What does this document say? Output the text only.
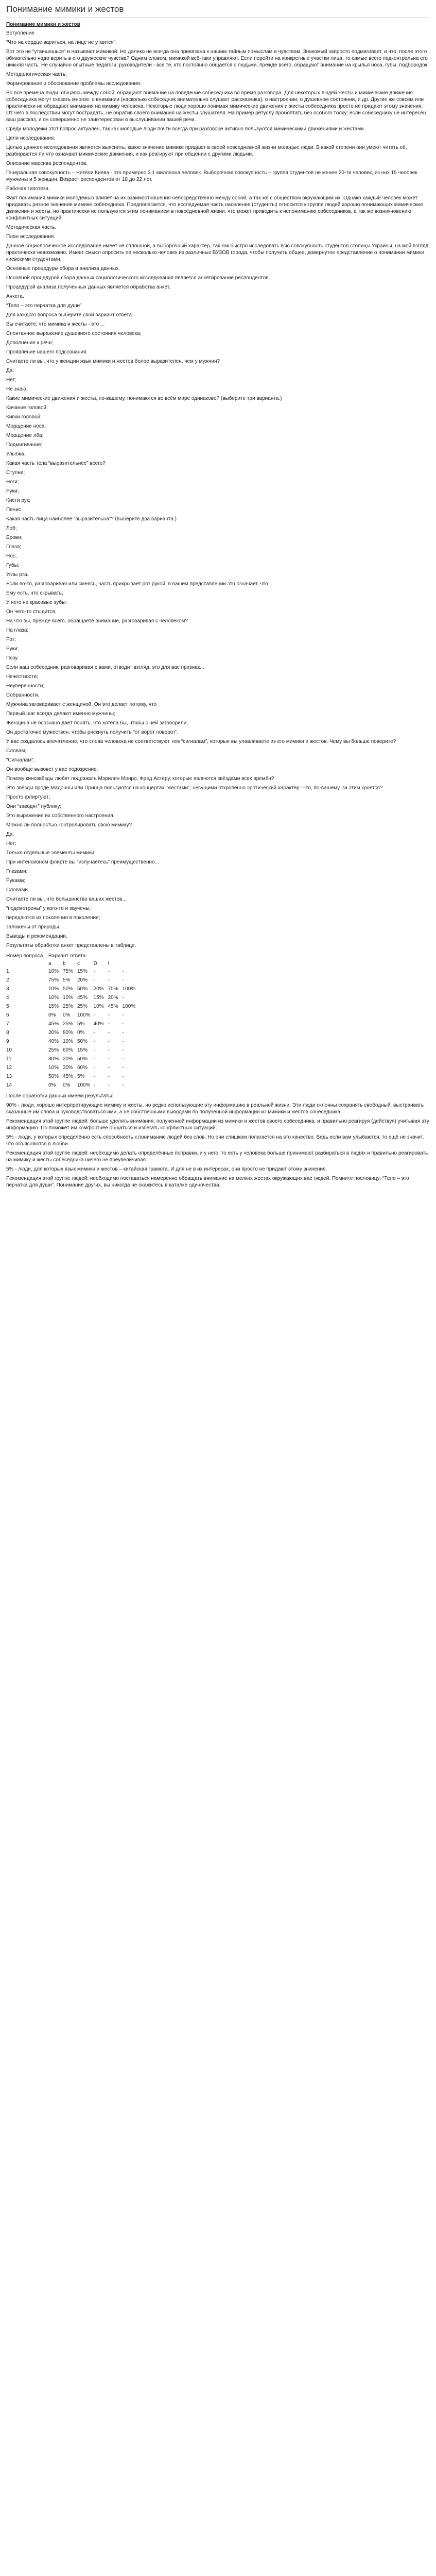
Понимание мимики и жестов
Понимание мимики и жестов
Вступление
“Что на сердце вариться, на лице не утаится”.
Вот это не “утаишешься” и называют мимикой. Но далеко не всегда она привязана к нашим тайным помыслам и чувствам. Знакомый запросто подмигивает, и что, после этого обязательно надо верить в его дружеские чувства? Одним словом, мимикой всё-таки управляют. Если перейти на конкретные участки лица, то самые всего подконтрольна его нижняя часть. Не случайно опытные педагоги, руководители - все те, кто постоянно общается с людьми, прежде всего, обращают внимание на крылья носа, губы, подбородок.
Методологическая часть.
Формирование и обоснование проблемы исследования.
Во все времена люди, общаясь между собой, обращают внимание на поведение собеседника во время разговора. Для некоторых людей жесты и мимические движения собеседника могут сказать многое: о внимании (насколько собеседник внимательно слушает рассказчика), о настроении, о душевном состоянии, и др. Другие же совсем или практически не обращают внимания на мимику человека. Некоторые люди хорошо понимая мимические движения и жесты собеседника просто не придают этому значения. От чего в последствии могут пострадать, не обратив своего внимания на жесты слушателя. На пример ретуслу пробоптать без особого толку; если собеседнику не интересен ваш рассказ, и он совершенно не заинтересован в выслушивании вашей речи.
Среди молодёжи этот вопрос актуален, так как молодые люди почти всегда при разговоре активно пользуются мимическими движениями и жестами.
Цели исследования.
Целью данного исследования является выяснить, какое значение мимике придают в своей повседневной жизни молодые люди. В какой степени они умеют читать её, разбираются ли что означают мимические движения, и как реагируют при общении с другими людьми.
Описание массива респондентов.
Генеральная совокупность – жители Киева - это примерно 3.1 миллиона человек. Выборочная совокупность – группа студентов не менее 20-ти человек, из них 15 человек мужчины и 5 женщин. Возраст респондентов от 18 до 22 лет.
Рабочая гипотеза.
Факт понимания мимики молодёжью влияет на их взаимоотношения непосредственно между собой, а так же с обществом окружающим их. Однако каждый человек может придавать разное значение мимике собеседника. Предполагается, что исследуемая часть населения (студенты) относится к группе людей хорошо понимающих мимические движения и жесты, но практически не пользуются этим пониманием в повседневной жизни, что может приводить к непониманию собеседников, а так же возникновению конфликтных ситуаций.
Методическая часть.
План исследования.
Данное социологическое исследование имеет не сплошной, а выборочный характер, так как быстро исследовать всю совокупность студентов столицы Украины, на мой взгляд, практически невозможно. Имеет смысл опросить по несколько человек из различных ВУЗОВ города, чтобы получить общее, довернутое представление о понимании мимики киевскими студентами.
Основные процедуры сбора и анализа данных.
Основной процедурой сбора данных социологического исследования является анкетирование респондентов.
Процедурой анализа полученных данных является обработка анкет.
Анкета.
“Тело – это перчатка для души”
Для каждого вопроса выберите свой вариант ответа.
Вы считаете, что мимика и жесты - это ...
Спонтанное выражение душевного состояния человека;
Дополнение к речи;
Проявление нашего подсознания.
Считаете ли вы, что у женщин язык мимики и жестов более выразителен, чем у мужчин?
Да;
Нет;
Не знаю.
Какие мимические движения и жесты, по-вашему, понимаются во всём мире одинаково? (выберите три варианта.)
Качание головой;
Кивки головой;
Морщение носа;
Морщение лба;
Подмигивание;
Улыбка.
Какая часть тела “выразительнее” всего?
Ступни;
Ноги;
Руки;
Кисти рук;
Пенис.
Какая часть лица наиболее “выразительна”? (выберите два варианта.)
Лоб;
Брови;
Глаза;
Нос;
Губы;
Углы рта.
Если во-то, разговаривая или смеясь, часть прикрывает рот рукой, в вашем представлении это означает, что...
Ему есть, что скрывать;
У него не красивые зубы;
Он чего-то стыдится.
На что вы, прежде всего, обращаете внимание, разговаривая с человеком?
На глаза;
Рот;
Руки;
Позу.
Если ваш собеседник, разговаривая с вами, отводит взгляд, это для вас признак...
Нечестности;
Неуверенности;
Собранности.
Мужчина заговаривает с женщиной. Он это делает потому, что
Первый шаг всегда делают именно мужчины;
Женщина не осознано даёт понять, что хотела бы, чтобы с ней заговорили;
Он достаточно мужествен, чтобы рискнуть получить “от ворот поворот”.
У вас создалось впечатление, что слова человека не соответствуют тем “сигналам”, которые вы улавливаете из его мимики и жестов. Чему вы больше поверите?
Словам;
“Сигналам”;
Он вообще вызовет у вас подозрение.
Почему кинозвёзды любят подражать Мэрилин Монро, Фред Астеру, которые являются звёздами всех времён?
Это звёзды вроде Мадонны или Принца пользуются на концертах “жестами”, несущими откровенно эротический характер. Что, по-вашему, за этим кроется?
Просто флиртуют;
Они “заводят” публику;
Это выражение их собственного настроения.
Можно ли полностью контролировать свою мимику?
Да;
Нет;
Только отдельные элементы мимики.
При интенсивном флирте вы “излучаетесь” преимущественно...
Глазами;
Руками;
Словами.
Считаете ли вы, что большинство ваших жестов...
“подсмотрены” у кого-то и заучены;
передаются из поколения в поколение;
заложены от природы.
Выводы и рекомендации.
Результаты обработки анкет представлены в таблице.
Номер вопроса	Вариант ответа					
	a	b	c	D	f	
1	10%	75%	15%	-	-	-
2	75%	5%	20%	-	-	-
3	10%	50%	50%	20%	70%	100%
4	10%	10%	45%	15%	20%	-
5	15%	25%	25%	10%	45%	100%
6	0%	0%	100%	-	-	-
7	45%	25%	5%	40%	-	-
8	20%	80%	0%	-	-	-
9	40%	10%	50%	-	-	-
10	25%	60%	15%	-	-	-
11	30%	20%	50%	-	-	-
12	10%	30%	60%	-	-	-
13	50%	45%	5%	-	-	-
14	0%	0%	100%	-	-	-
После обработки данных имеем результаты:
90% - люди, хорошо интерпретирующие мимику и жесты, но редко использующие эту информацию в реальной жизни. Эти люди склонны сохранять свободный, выстраивать сказанные им слова и руководствоваться ими, а не собственными выводами по полученной информации из мимики и жестов собеседника.
Рекомендация этой группе людей: больше уделять внимания, полученной информации из мимики и жестов своего собеседника, и правильно реагируя (действуя) учитывая эту информацию. По поможет им комфортнее общаться и избегать конфликтных ситуаций.
5% - люди, у которых определённо есть способность к пониманию людей без слов. Но они слишком полагается на это качество. Ведь если вам улыбаются, то ещё не значит, что объясняются в любви.
Рекомендация этой группе людей: необходимо делать определённые поправки, и у него, то есть у человека больше принимают разбираться в людях и правильно реагировать на мимику и жесты собеседника ничего не преувеличивая.
5% - люди, для которых язык мимики и жестов – китайская грамота. И для не в их интересах, они просто не придают этому значения.
Рекомендация этой группе людей: необходимо поставаться намеренно обращать внимание на мелких жестах окружающих вас людей. Помните пословицу: “Тело – это перчатка для души”. Понимание других, вы никогда не окажитесь в каталке одиночества.
